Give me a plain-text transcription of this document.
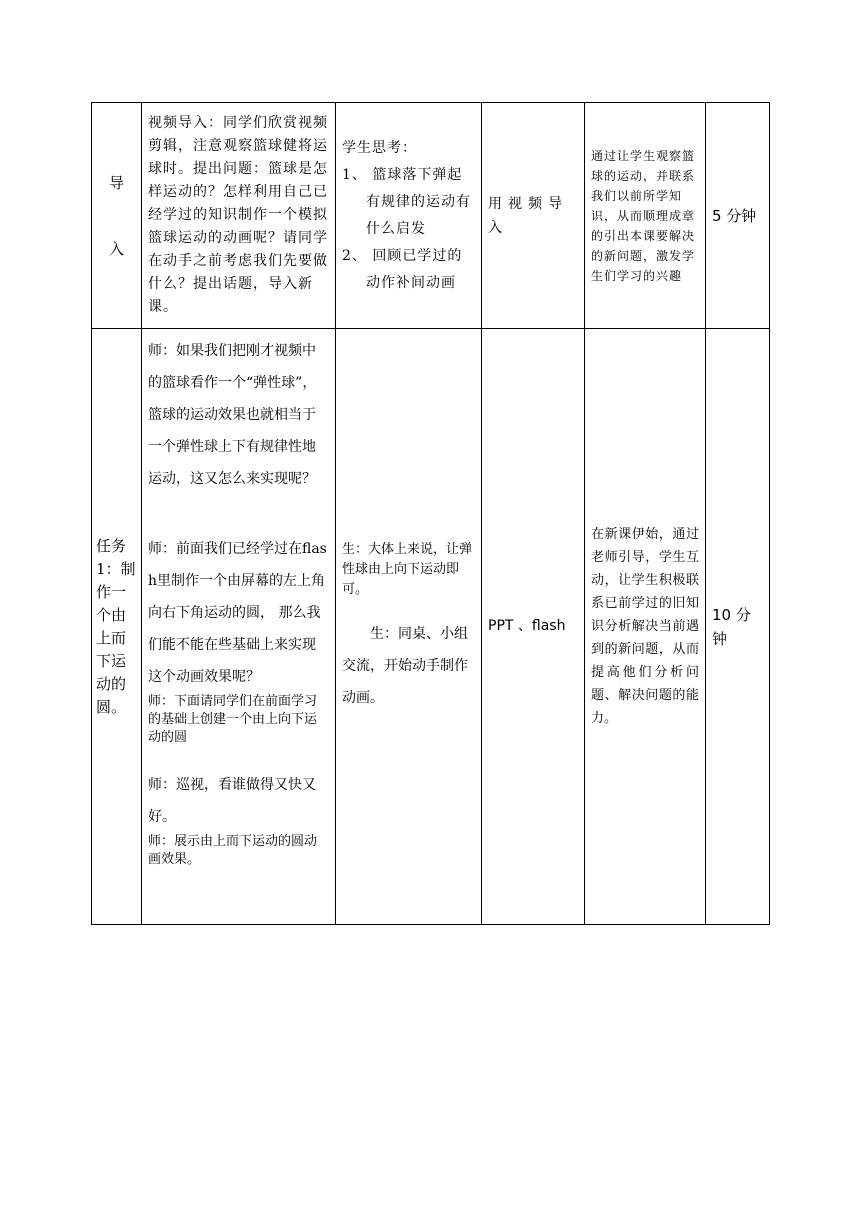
导
入	视频导入：同学们欣赏视频剪辑，注意观察篮球健将运球时。提出问题：篮球是怎样运动的？怎样利用自己已经学过的知识制作一个模拟篮球运动的动画呢？请同学在动手之前考虑我们先要做什么？提出话题，导入新课。	学生思考：
1、 篮球落下弹起有规律的运动有什么启发
2、 回顾已学过的动作补间动画	用视频导入	通过让学生观察篮球的运动，并联系我们以前所学知识，从而顺理成章的引出本课要解决的新问题，激发学生们学习的兴趣	5 分钟
任务1：制作一个由上而下运动的圆。	师：如果我们把刚才视频中的篮球看作一个“弹性球”，篮球的运动效果也就相当于一个弹性球上下有规律性地运动，这又怎么来实现呢？
师：前面我们已经学过在flash里制作一个由屏幕的左上角向右下角运动的圆， 那么我们能不能在些基础上来实现这个动画效果呢？
师：下面请同学们在前面学习的基础上创建一个由上向下运动的圆
师：巡视，看谁做得又快又好。
师：展示由上而下运动的圆动画效果。	生：大体上来说，让弹性球由上向下运动即可。
生：同桌、小组交流，开始动手制作动画。	PPT 、flash	在新课伊始，通过老师引导，学生互动，让学生积极联系已前学过的旧知识分析解决当前遇到的新问题，从而提高他们分析问题、解决问题的能力。	10 分钟
